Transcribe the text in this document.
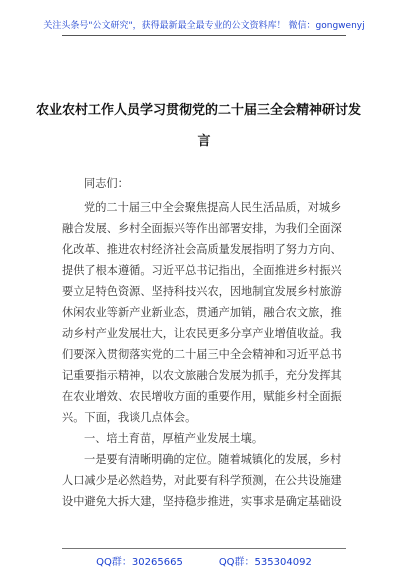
关注头条号"公文研究"，获得最新最全最专业的公文资料库！ 微信：gongwenyj
农业农村工作人员学习贯彻党的二十届三全会精神研讨发
言
同志们：
党的二十届三中全会聚焦提高人民生活品质，对城乡
融合发展、乡村全面振兴等作出部署安排，为我们全面深
化改革、推进农村经济社会高质量发展指明了努力方向、
提供了根本遵循。习近平总书记指出，全面推进乡村振兴
要立足特色资源、坚持科技兴农，因地制宜发展乡村旅游
休闲农业等新产业新业态，贯通产加销，融合农文旅，推
动乡村产业发展壮大，让农民更多分享产业增值收益。我
们要深入贯彻落实党的二十届三中全会精神和习近平总书
记重要指示精神，以农文旅融合发展为抓手，充分发挥其
在农业增效、农民增收方面的重要作用，赋能乡村全面振
兴。下面，我谈几点体会。
一、培土育苗，厚植产业发展土壤。
一是要有清晰明确的定位。随着城镇化的发展，乡村
人口减少是必然趋势，对此要有科学预测，在公共设施建
设中避免大拆大建，坚持稳步推进，实事求是确定基础设
QQ群：30265665	QQ群：535304092
